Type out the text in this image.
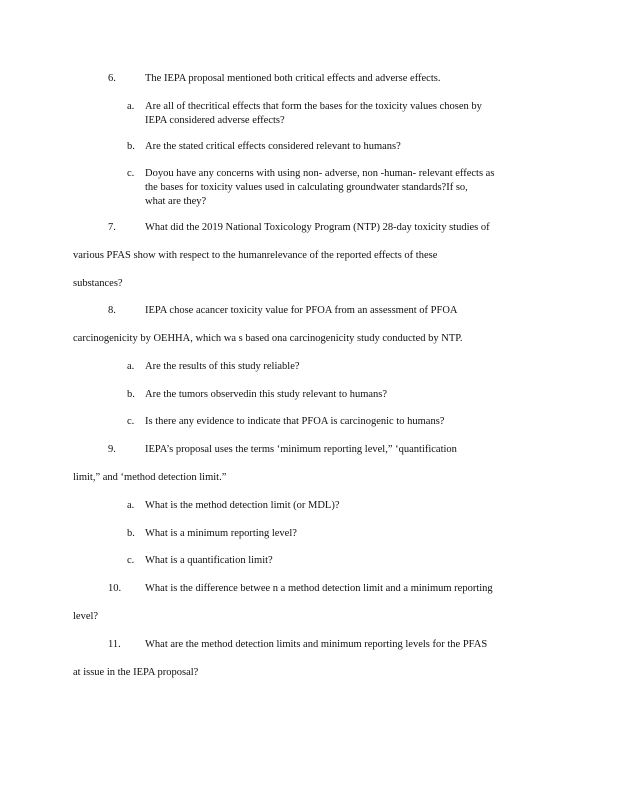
6.	The IEPA proposal mentioned both critical effects and adverse effects.
a. Are all of thecritical effects that form the bases for the toxicity values chosen by
IEPA considered adverse effects?
b. Are the stated critical effects considered relevant to humans?
c. Doyou have any concerns with using non- adverse, non -human- relevant effects as
the bases for toxicity values used in calculating groundwater standards?If so,
what are they?
7.	What did the 2019 National Toxicology Program (NTP) 28-day toxicity studies of
various PFAS show with respect to the humanrelevance of the reported effects of these
substances?
8.	IEPA chose acancer toxicity value for PFOA from an assessment of PFOA
carcinogenicity by OEHHA, which wa s based ona carcinogenicity study conducted by NTP.
a. Are the results of this study reliable?
b. Are the tumors observedin this study relevant to humans?
c. Is there any evidence to indicate that PFOA is carcinogenic to humans?
9.	IEPA’s proposal uses the terms ‘minimum reporting level,” ‘quantification
limit,” and ‘method detection limit.”
a. What is the method detection limit (or MDL)?
b. What is a minimum reporting level?
c. What is a quantification limit?
10. What is the difference betwee n a method detection limit and a minimum reporting
level?
11. What are the method detection limits and minimum reporting levels for the PFAS
at issue in the IEPA proposal?
